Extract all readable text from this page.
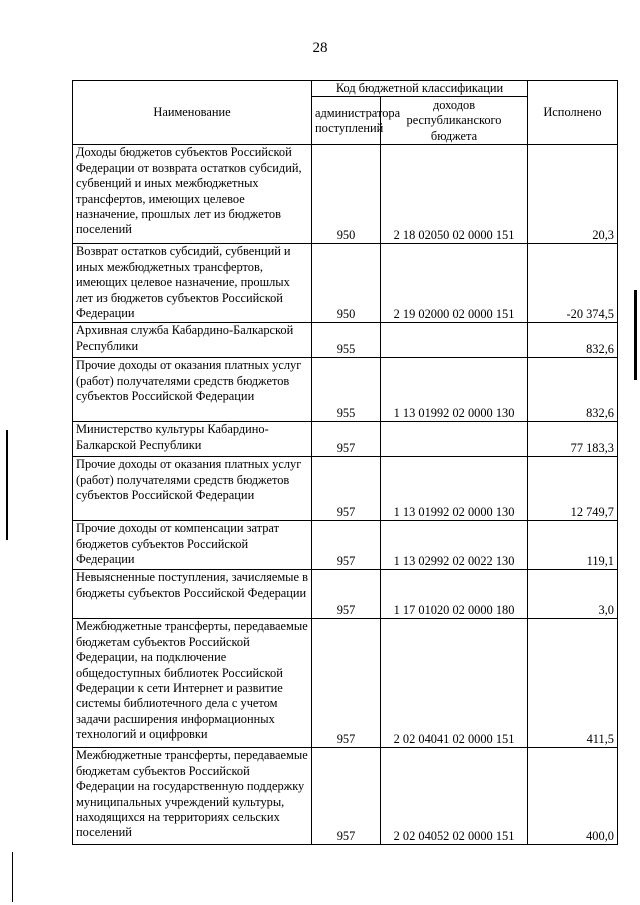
28
Наименование	Код бюджетной классификации		Исполнено
	администратора поступлений	доходов республиканского бюджета	
Доходы бюджетов субъектов Российской Федерации от возврата остатков субсидий, субвенций и иных межбюджетных трансфертов, имеющих целевое назначение, прошлых лет из бюджетов поселений	950	2 18 02050 02 0000 151	20,3
Возврат остатков субсидий, субвенций и иных межбюджетных трансфертов, имеющих целевое назначение, прошлых лет из бюджетов субъектов Российской Федерации	950	2 19 02000 02 0000 151	-20 374,5
Архивная служба Кабардино-Балкарской Республики	955		832,6
Прочие доходы от оказания платных услуг (работ) получателями средств бюджетов субъектов Российской Федерации	955	1 13 01992 02 0000 130	832,6
Министерство культуры Кабардино-Балкарской Республики	957		77 183,3
Прочие доходы от оказания платных услуг (работ) получателями средств бюджетов субъектов Российской Федерации	957	1 13 01992 02 0000 130	12 749,7
Прочие доходы от компенсации затрат бюджетов субъектов Российской Федерации	957	1 13 02992 02 0022 130	119,1
Невыясненные поступления, зачисляемые в бюджеты субъектов Российской Федерации	957	1 17 01020 02 0000 180	3,0
Межбюджетные трансферты, передаваемые бюджетам субъектов Российской Федерации, на подключение общедоступных библиотек Российской Федерации к сети Интернет и развитие системы библиотечного дела с учетом задачи расширения информационных технологий и оцифровки	957	2 02 04041 02 0000 151	411,5
Межбюджетные трансферты, передаваемые бюджетам субъектов Российской Федерации на государственную поддержку муниципальных учреждений культуры, находящихся на территориях сельских поселений	957	2 02 04052 02 0000 151	400,0
